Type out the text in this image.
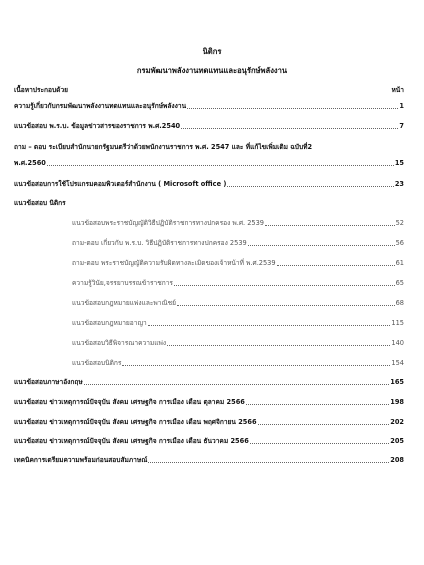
นิติกร
กรมพัฒนาพลังงานทดแทนและอนุรักษ์พลังงาน
เนื้อหาประกอบด้วย	หน้า
ความรู้เกี่ยวกับกรมพัฒนาพลังงานทดแทนและอนุรักษ์พลังงาน	1
แนวข้อสอบ พ.ร.บ. ข้อมูลข่าวสารของราชการ พ.ศ.2540	7
ถาม – ตอบ ระเบียบสำนักนายกรัฐมนตรีว่าด้วยพนักงานราชการ พ.ศ. 2547 และ ที่แก้ไขเพิ่มเติม ฉบับที่2
พ.ศ.2560	15
แนวข้อสอบการใช้โปรแกรมคอมพิวเตอร์สำนักงาน ( Microsoft office )	23
แนวข้อสอบ นิติกร
แนวข้อสอบพระราชบัญญัติวิธีปฏิบัติราชการทางปกครอง พ.ศ. 2539	52
ถาม-ตอบ เกี่ยวกับ พ.ร.บ. วิธีปฏิบัติราชการทางปกครอง 2539	56
ถาม-ตอบ พระราชบัญญัติความรับผิดทางละเมิดของเจ้าหน้าที่ พ.ศ.2539	61
ความรู้วินัย,จรรยาบรรณข้าราชการ	65
แนวข้อสอบกฎหมายแพ่งและพาณิชย์	68
แนวข้อสอบกฎหมายอาญา	115
แนวข้อสอบวิธีพิจารณาความแพ่ง	140
แนวข้อสอบนิติกร	154
แนวข้อสอบภาษาอังกฤษ	165
แนวข้อสอบ ข่าวเหตุการณ์ปัจจุบัน สังคม เศรษฐกิจ การเมือง เดือน ตุลาคม 2566	198
แนวข้อสอบ ข่าวเหตุการณ์ปัจจุบัน สังคม เศรษฐกิจ การเมือง เดือน พฤศจิกายน 2566	202
แนวข้อสอบ ข่าวเหตุการณ์ปัจจุบัน สังคม เศรษฐกิจ การเมือง เดือน ธันวาคม 2566	205
เทคนิคการเตรียมความพร้อมก่อนสอบสัมภาษณ์	208
